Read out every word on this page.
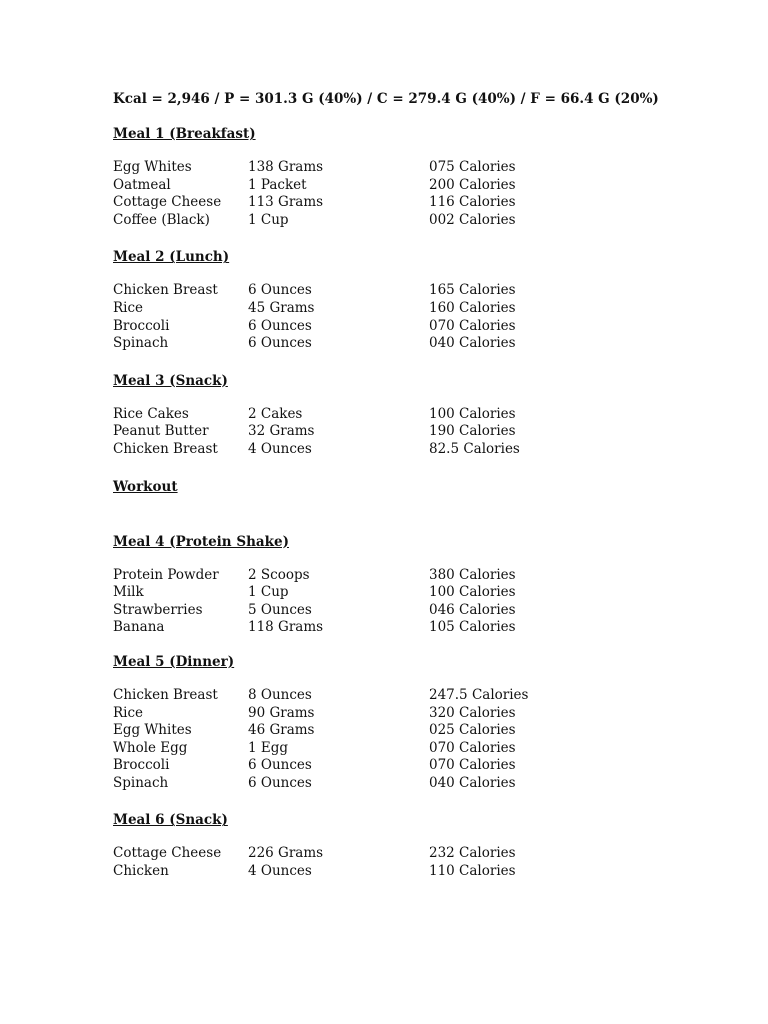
Kcal = 2,946 / P = 301.3 G (40%) / C = 279.4 G (40%) / F = 66.4 G (20%)
Meal 1 (Breakfast)
Egg Whites	138 Grams	075 Calories
Oatmeal	1 Packet	200 Calories
Cottage Cheese	113 Grams	116 Calories
Coffee (Black)	1 Cup	002 Calories
Meal 2 (Lunch)
Chicken Breast	6 Ounces	165 Calories
Rice	45 Grams	160 Calories
Broccoli	6 Ounces	070 Calories
Spinach	6 Ounces	040 Calories
Meal 3 (Snack)
Rice Cakes	2 Cakes	100 Calories
Peanut Butter	32 Grams	190 Calories
Chicken Breast	4 Ounces	82.5 Calories
Workout
Meal 4 (Protein Shake)
Protein Powder	2 Scoops	380 Calories
Milk	1 Cup	100 Calories
Strawberries	5 Ounces	046 Calories
Banana	118 Grams	105 Calories
Meal 5 (Dinner)
Chicken Breast	8 Ounces	247.5 Calories
Rice	90 Grams	320 Calories
Egg Whites	46 Grams	025 Calories
Whole Egg	1 Egg	070 Calories
Broccoli	6 Ounces	070 Calories
Spinach	6 Ounces	040 Calories
Meal 6 (Snack)
Cottage Cheese	226 Grams	232 Calories
Chicken	4 Ounces	110 Calories
